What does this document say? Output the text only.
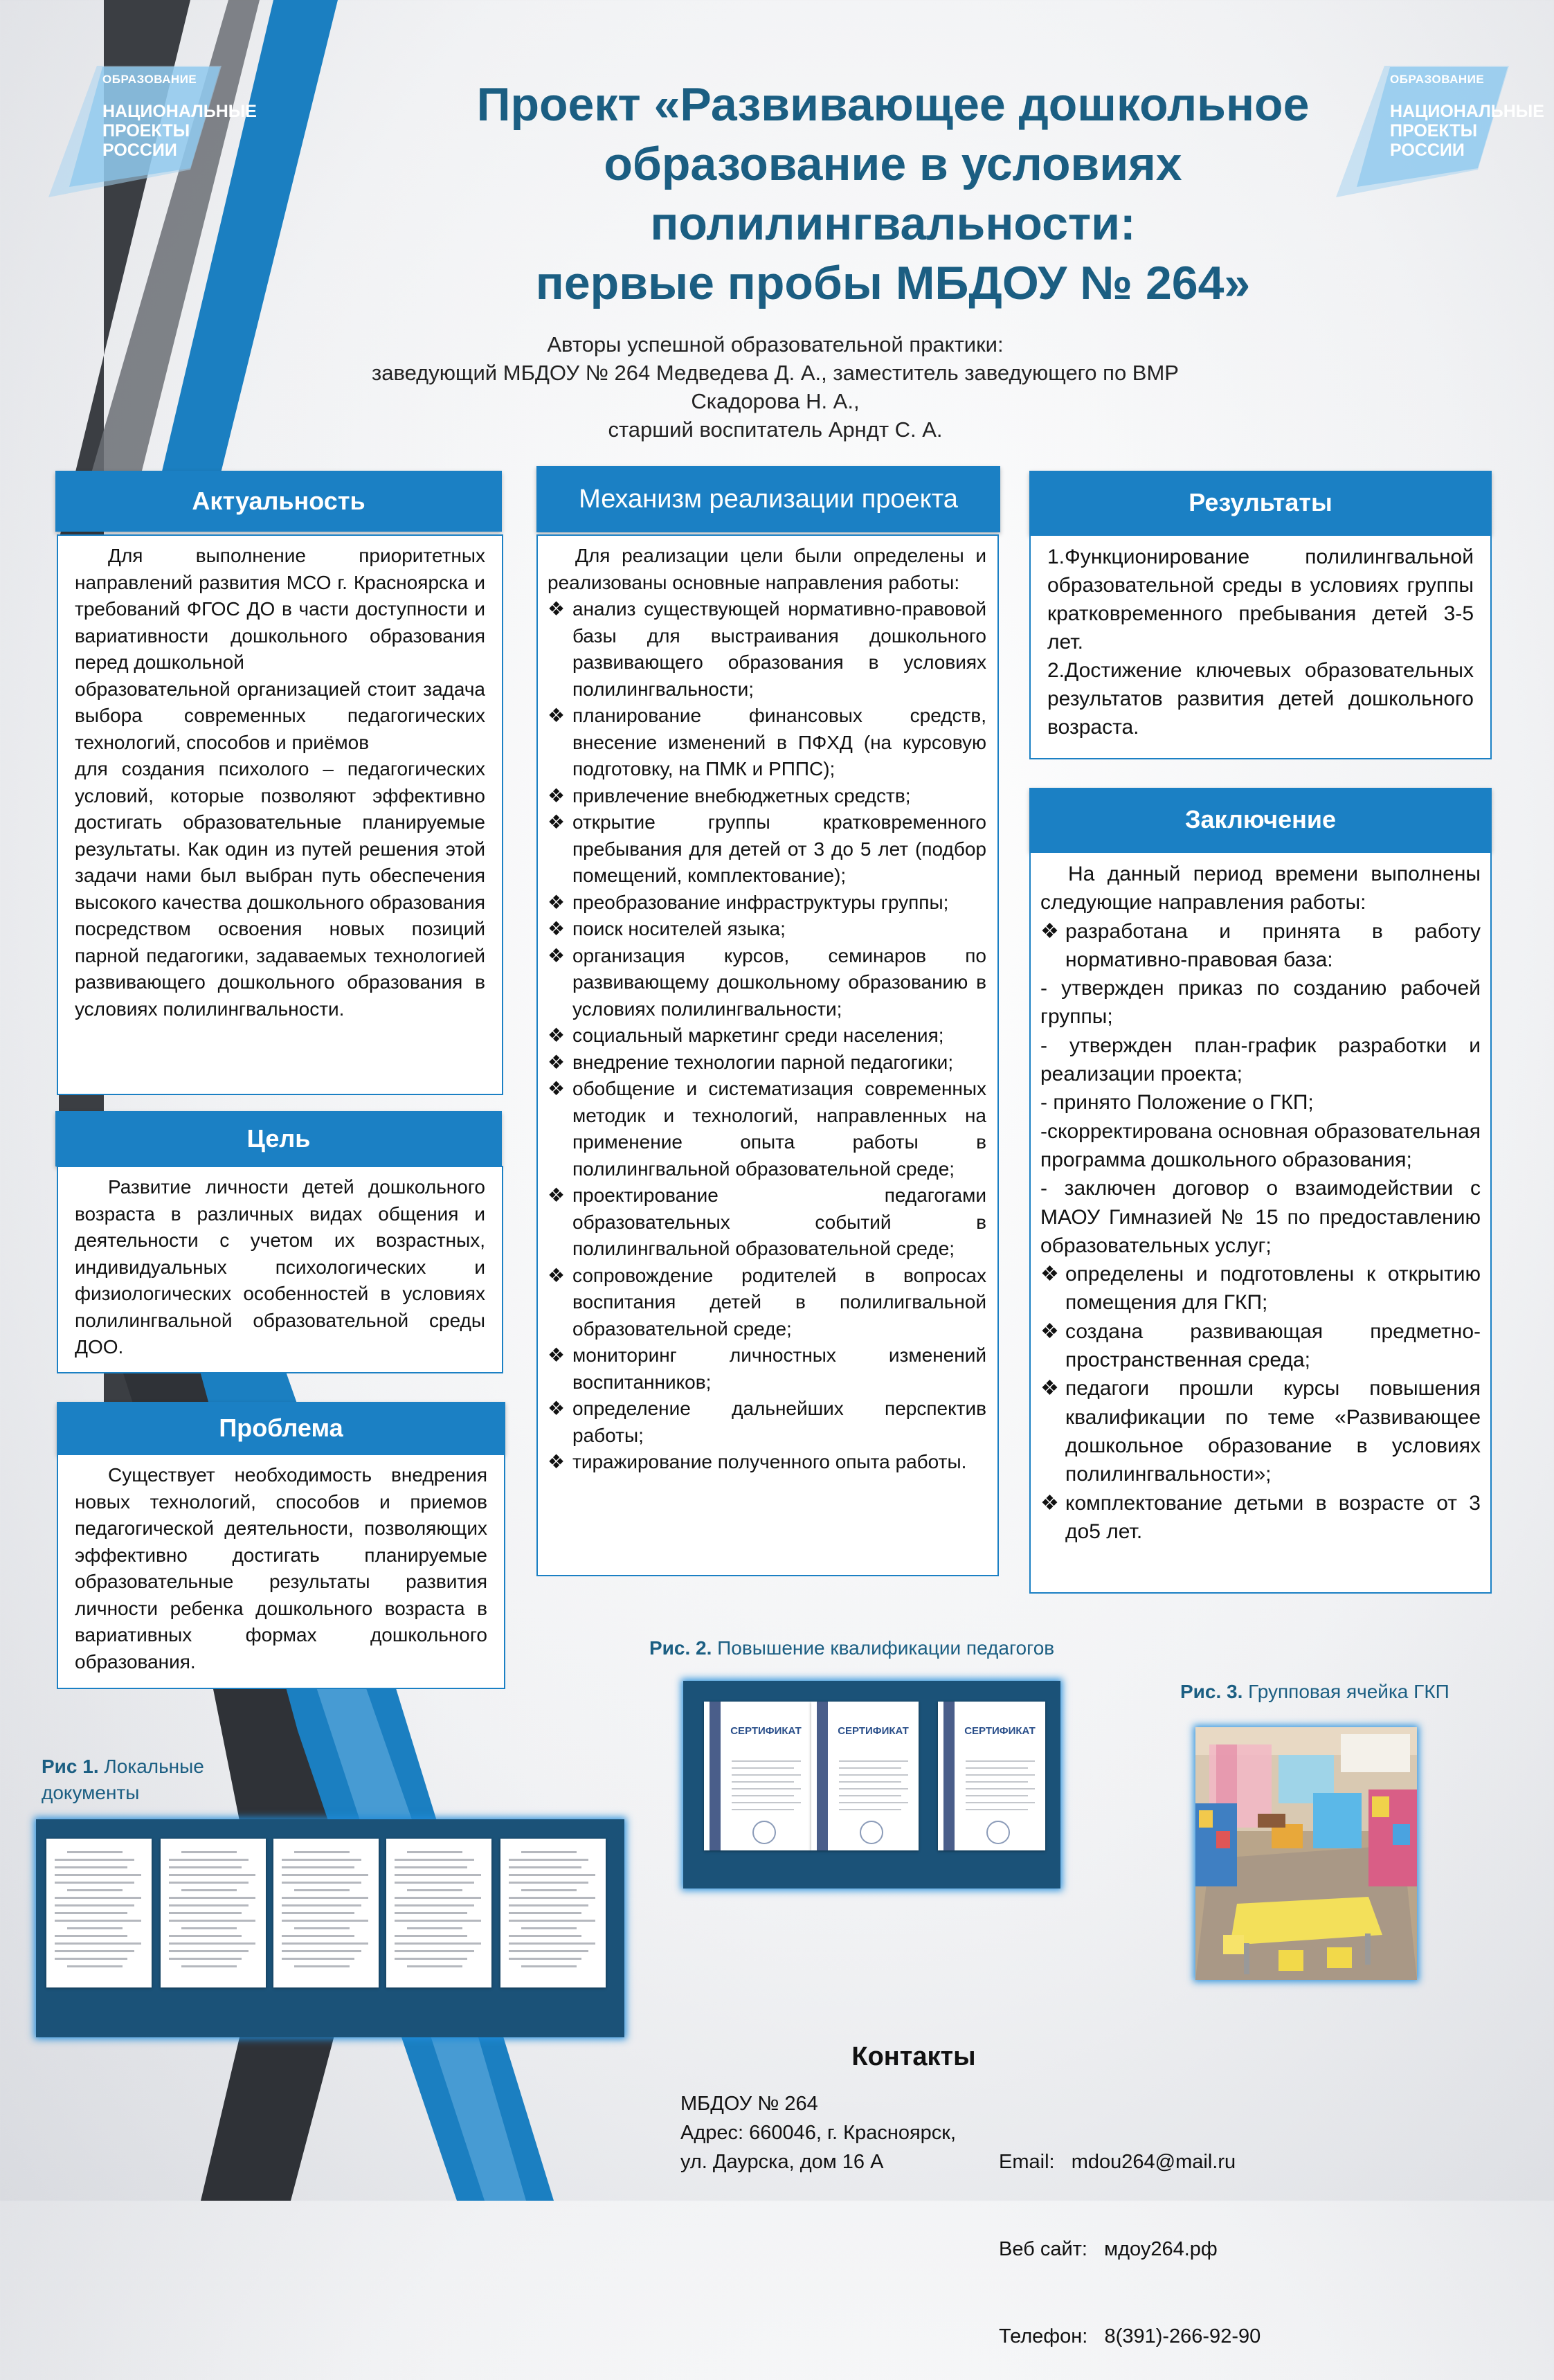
ОБРАЗОВАНИЕ
НАЦИОНАЛЬНЫЕ
ПРОЕКТЫ
РОССИИ
ОБРАЗОВАНИЕ
НАЦИОНАЛЬНЫЕ
ПРОЕКТЫ
РОССИИ
Проект «Развивающее дошкольное
образование в условиях
полилингвальности:
первые пробы МБДОУ № 264»
Авторы успешной образовательной практики:
заведующий МБДОУ № 264 Медведева Д. А., заместитель заведующего по ВМР Скадорова Н. А.,
старший воспитатель Арндт С. А.
Актуальность

Для выполнение приоритетных направлений развития МСО г. Красноярска и требований ФГОС ДО в части доступности и вариативности дошкольного образования перед дошкольной

образовательной организацией стоит задача выбора современных педагогических технологий, способов и приёмов

для создания психолого – педагогических условий, которые позволяют эффективно достигать образовательные планируемые результаты. Как один из путей решения этой задачи нами был выбран путь обеспечения высокого качества дошкольного образования посредством освоения новых позиций парной педагогики, задаваемых технологией развивающего дошкольного образования в условиях полилингвальности.

Цель

Развитие личности детей дошкольного возраста в различных видах общения и деятельности с учетом их возрастных, индивидуальных психологических и физиологических особенностей в условиях полилингвальной образовательной среды ДОО.

Проблема

Существует необходимость внедрения новых технологий, способов и приемов педагогической деятельности, позволяющих эффективно достигать планируемые образовательные результаты развития личности ребенка дошкольного возраста в вариативных формах дошкольного образования.

Механизм реализации проекта

Для реализации цели были определены и реализованы основные направления работы:

❖ анализ существующей нормативно-правовой базы для выстраивания дошкольного развивающего образования в условиях полилингвальности;
❖ планирование финансовых средств, внесение изменений в ПФХД (на курсовую подготовку, на ПМК и РППС);
❖ привлечение внебюджетных средств;
❖ открытие группы кратковременного пребывания для детей от 3 до 5 лет (подбор помещений, комплектование);
❖ преобразование инфраструктуры группы;
❖ поиск носителей языка;
❖ организация курсов, семинаров по развивающему дошкольному образованию в условиях полилингвальности;
❖ социальный маркетинг среди населения;
❖ внедрение технологии парной педагогики;
❖ обобщение и систематизация современных методик и технологий, направленных на применение опыта работы в полилингвальной образовательной среде;
❖ проектирование педагогами образовательных событий в полилингвальной образовательной среде;
❖ сопровождение родителей в вопросах воспитания детей в полилигвальной образовательной среде;
❖ мониторинг личностных изменений воспитанников;
❖ определение дальнейших перспектив работы;
❖ тиражирование полученного опыта работы.
Результаты

1.Функционирование полилингвальной образовательной среды в условиях группы кратковременного пребывания детей 3-5 лет.

2.Достижение ключевых образовательных результатов развития детей дошкольного возраста.

Заключение

На данный период времени выполнены следующие направления работы:

❖ разработана и принята в работу нормативно-правовая база:
- утвержден приказ по созданию рабочей группы;
- утвержден план-график разработки и реализации проекта;
- принято Положение о ГКП;
-скорректирована основная образовательная программа дошкольного образования;
- заключен договор о взаимодействии с МАОУ Гимназией № 15 по предоставлению образовательных услуг;
❖ определены и подготовлены к открытию помещения для ГКП;
❖ создана развивающая предметно-пространственная среда;
❖ педагоги прошли курсы повышения квалификации по теме «Развивающее дошкольное образование в условиях полилингвальности»;
❖ комплектование детьми в возрасте от 3 до5 лет.
Рис 1. Локальные документы
Рис. 2. Повышение квалификации педагогов
СЕРТИФИКАТ	СЕРТИФИКАТ	СЕРТИФИКАТ
Рис. 3. Групповая ячейка ГКП
Контакты
МБДОУ № 264
Адрес: 660046, г. Красноярск,
ул. Даурска, дом 16 А

	Email:   mdou264@mail.ru

Веб сайт:   мдоу264.рф

Телефон:   8(391)-266-92-90
